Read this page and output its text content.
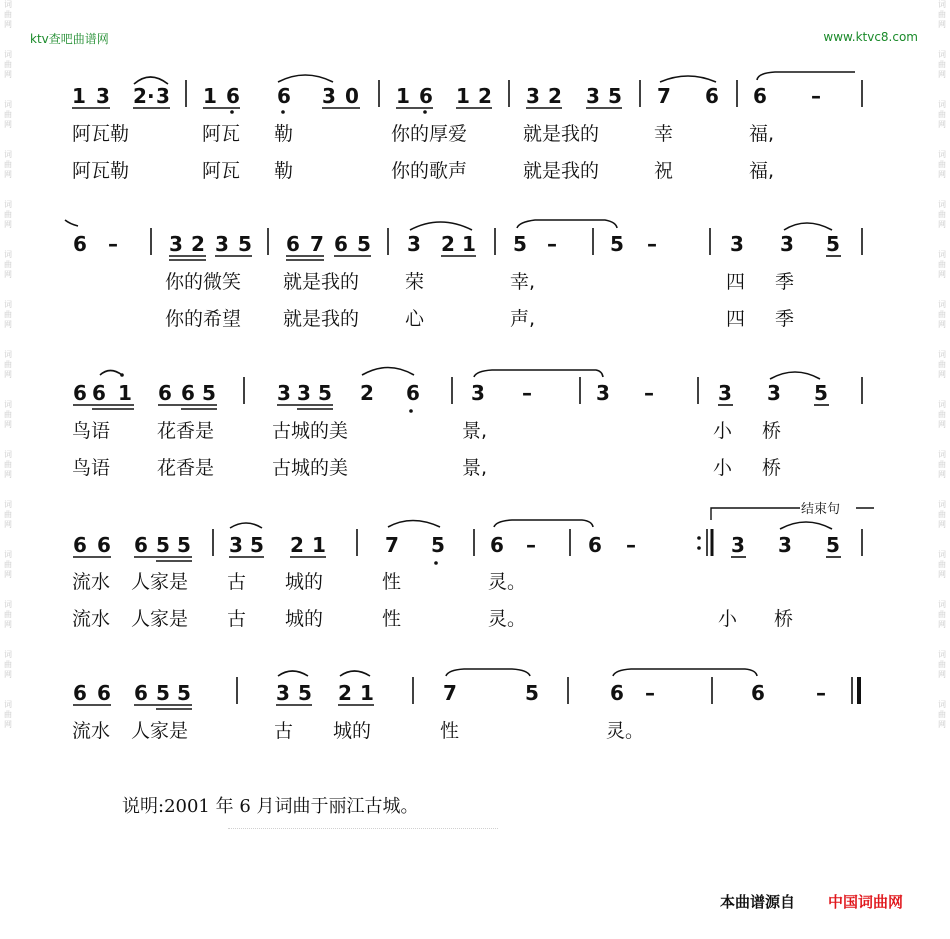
词
曲
网
词
曲
网
词
曲
网
词
曲
网
词
曲
网
词
曲
网
词
曲
网
词
曲
网
词
曲
网
词
曲
网
词
曲
网
词
曲
网
词
曲
网
词
曲
网
词
曲
网
词
曲
网
词
曲
网
词
曲
网
词
曲
网
词
曲
网
词
曲
网
词
曲
网
词
曲
网
词
曲
网
词
曲
网
词
曲
网
词
曲
网
词
曲
网
词
曲
网
词
曲
网
ktv查吧曲谱网	www.ktvc8.com
1 3 2 · 3 1 6 6 3 0 1 6 1 2 3 2 3 5 7 6 6 –
阿瓦勒	阿瓦 勒	你的厚爱	就是我的	幸	福,
阿瓦勒	阿瓦 勒	你的歌声	就是我的	祝	福,
6 –	3 2 3 5 6 7 6 5 3 2 1 5 –	5 –	3 3 5
你的微笑 就是我的 荣	幸,	四 季
你的希望 就是我的 心	声,	四 季
6 6 1 6 6 5	3 3 5 2 6	3 –	3 –	3 3 5
鸟语 花香是	古城的美	景,	小 桥
鸟语 花香是	古城的美	景,	小 桥
结束句
6 6 6 5 5 3 5 2 1	7 5 6 –	6 –	3 3 5
流水 人家是 古 城的	性	灵。
流水 人家是 古 城的	性	灵。	小 桥
6 6 6 5 5	3 5 2 1	7	5	6 –	6	–
流水 人家是	古 城的	性	灵。
说明:2001 年 6 月词曲于丽江古城。
本曲谱源自 中国词曲网
